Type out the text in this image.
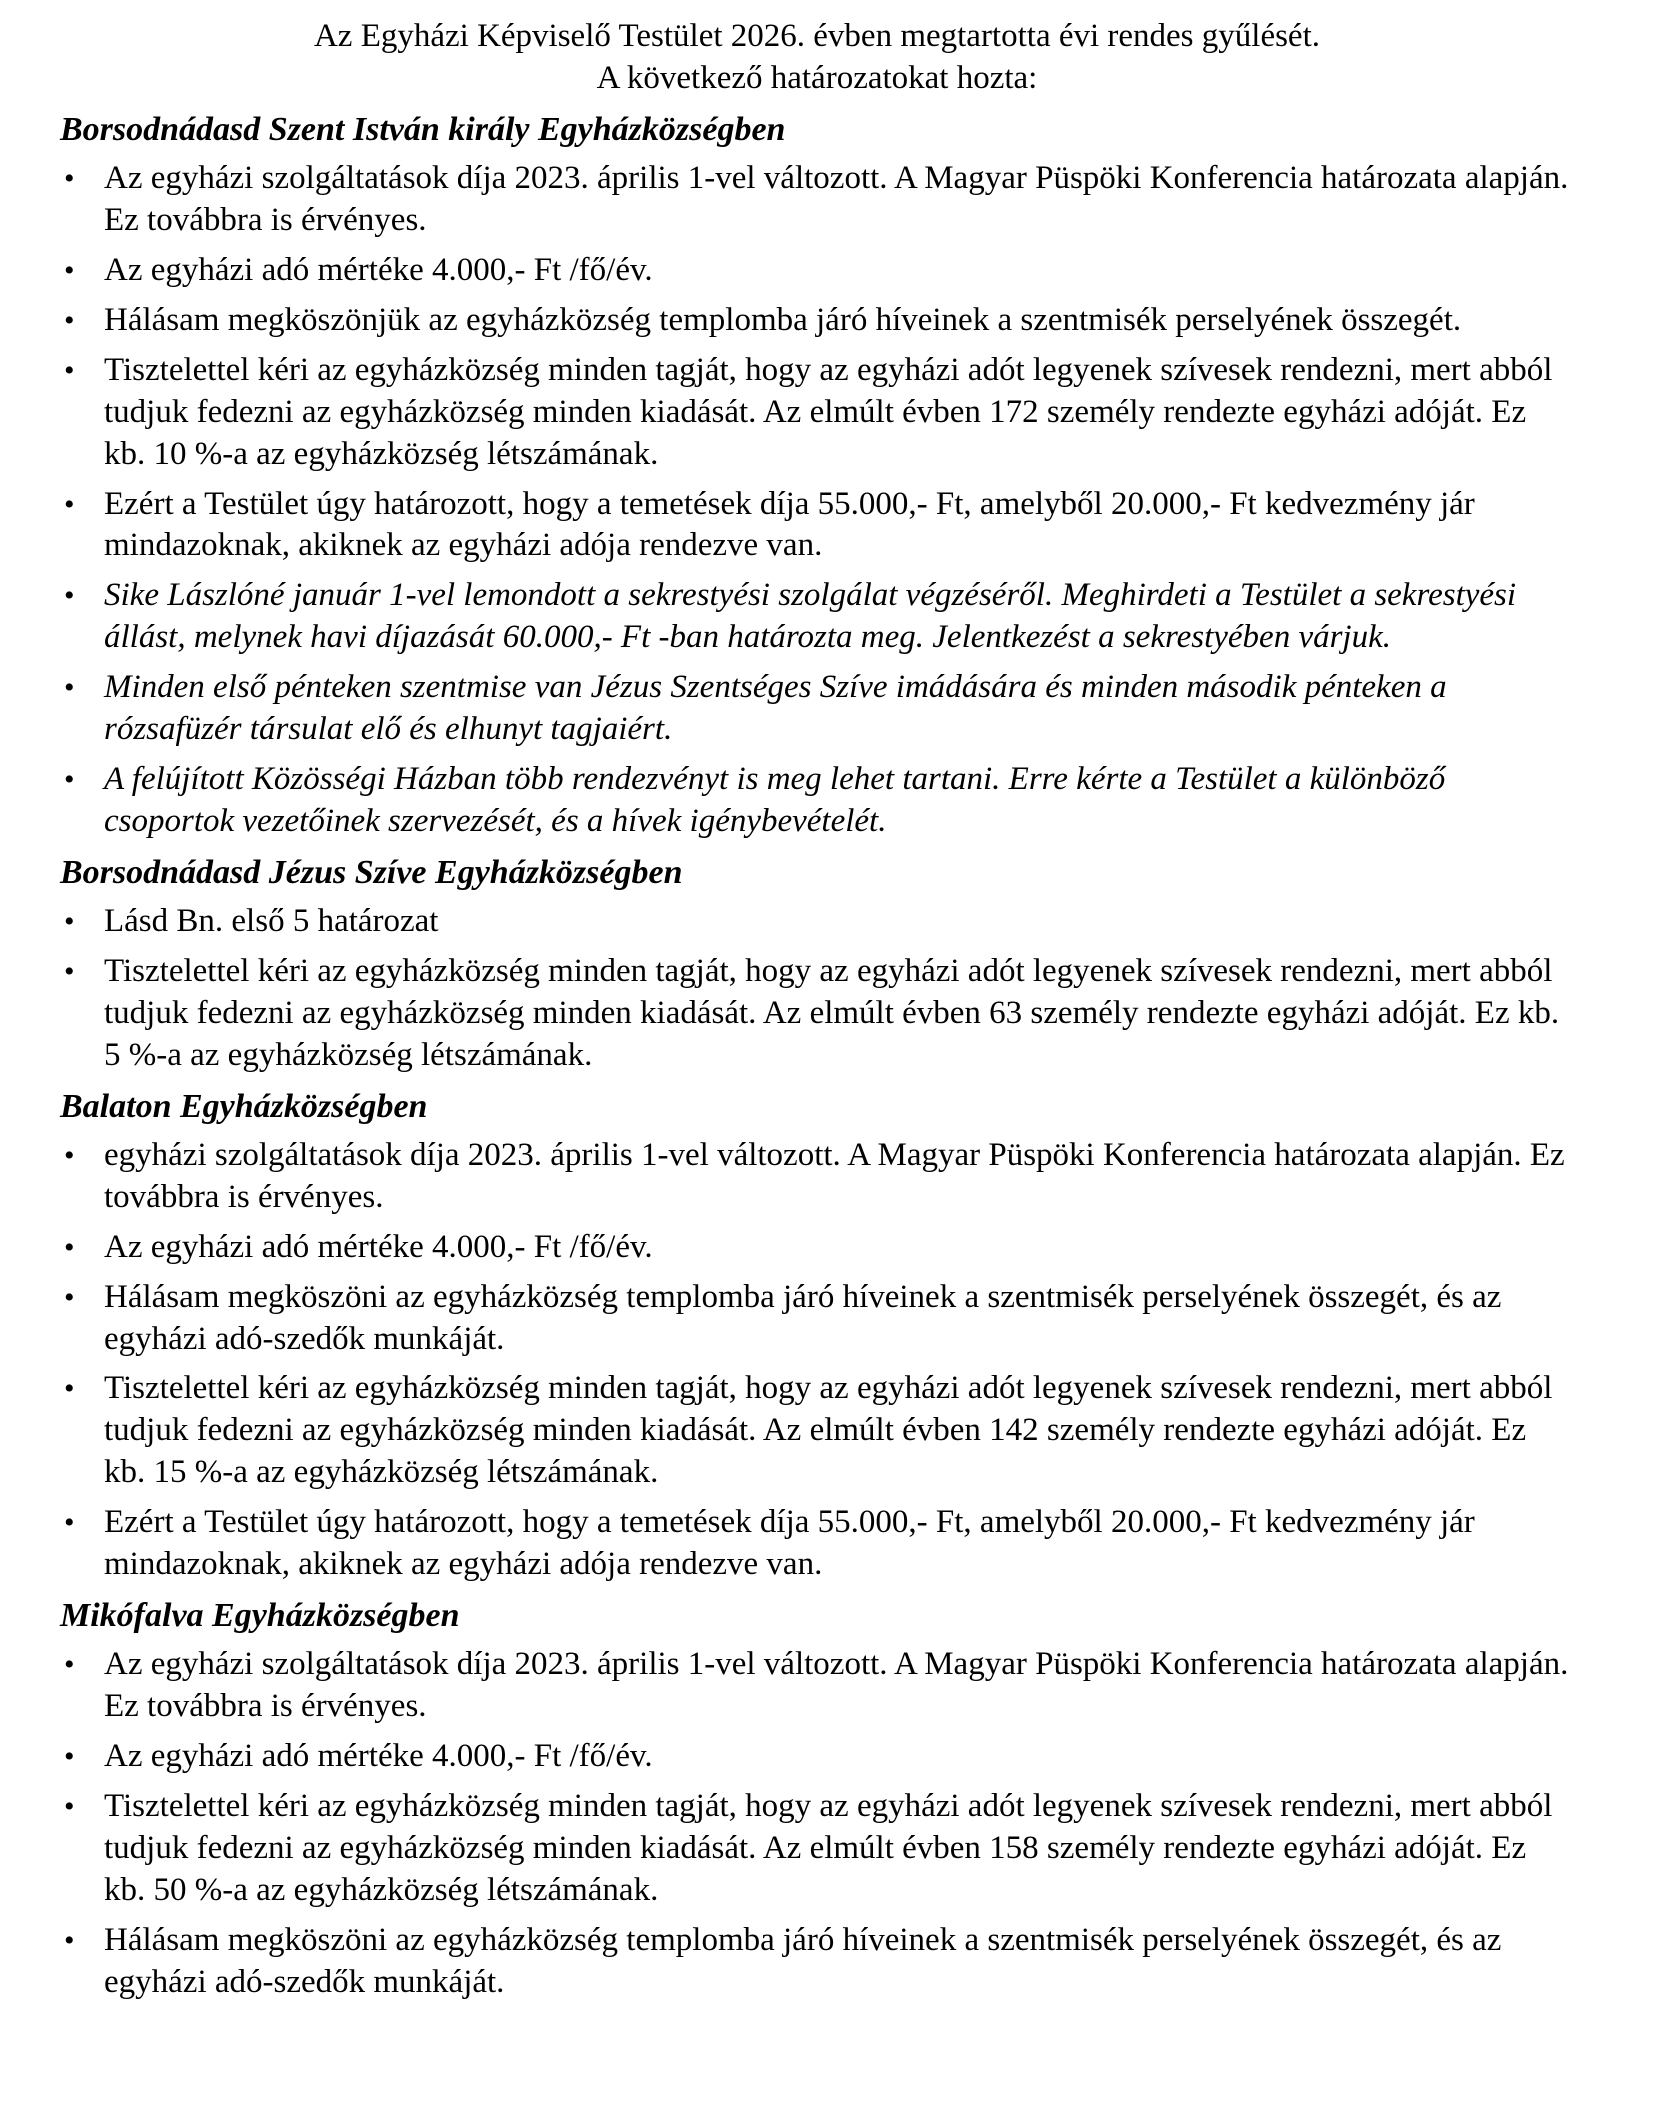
Az Egyházi Képviselő Testület 2026. évben megtartotta évi rendes gyűlését.
A következő határozatokat hozta:
Borsodnádasd Szent István király Egyházközségben
• Az egyházi szolgáltatások díja 2023. április 1-vel változott. A Magyar Püspöki Konferencia határozata alapján. Ez továbbra is érvényes.
• Az egyházi adó mértéke 4.000,- Ft /fő/év.
• Hálásam megköszönjük az egyházközség templomba járó híveinek a szentmisék perselyének összegét.
• Tisztelettel kéri az egyházközség minden tagját, hogy az egyházi adót legyenek szívesek rendezni, mert abból tudjuk fedezni az egyházközség minden kiadását. Az elmúlt évben 172 személy rendezte egyházi adóját. Ez kb. 10 %-a az egyházközség létszámának.
• Ezért a Testület úgy határozott, hogy a temetések díja 55.000,- Ft, amelyből 20.000,- Ft kedvezmény jár mindazoknak, akiknek az egyházi adója rendezve van.
• Sike Lászlóné január 1-vel lemondott a sekrestyési szolgálat végzéséről. Meghirdeti a Testület a sekrestyési állást, melynek havi díjazását 60.000,- Ft -ban határozta meg. Jelentkezést a sekrestyében várjuk.
• Minden első pénteken szentmise van Jézus Szentséges Szíve imádására és minden második pénteken a rózsafüzér társulat elő és elhunyt tagjaiért.
• A felújított Közösségi Házban több rendezvényt is meg lehet tartani. Erre kérte a Testület a különböző csoportok vezetőinek szervezését, és a hívek igénybevételét.
Borsodnádasd Jézus Szíve Egyházközségben
• Lásd Bn. első 5 határozat
• Tisztelettel kéri az egyházközség minden tagját, hogy az egyházi adót legyenek szívesek rendezni, mert abból tudjuk fedezni az egyházközség minden kiadását. Az elmúlt évben 63 személy rendezte egyházi adóját. Ez kb. 5 %-a az egyházközség létszámának.
Balaton Egyházközségben
• egyházi szolgáltatások díja 2023. április 1-vel változott. A Magyar Püspöki Konferencia határozata alapján. Ez továbbra is érvényes.
• Az egyházi adó mértéke 4.000,- Ft /fő/év.
• Hálásam megköszöni az egyházközség templomba járó híveinek a szentmisék perselyének összegét, és az egyházi adó-szedők munkáját.
• Tisztelettel kéri az egyházközség minden tagját, hogy az egyházi adót legyenek szívesek rendezni, mert abból tudjuk fedezni az egyházközség minden kiadását. Az elmúlt évben 142 személy rendezte egyházi adóját. Ez kb. 15 %-a az egyházközség létszámának.
• Ezért a Testület úgy határozott, hogy a temetések díja 55.000,- Ft, amelyből 20.000,- Ft kedvezmény jár mindazoknak, akiknek az egyházi adója rendezve van.
Mikófalva Egyházközségben
• Az egyházi szolgáltatások díja 2023. április 1-vel változott. A Magyar Püspöki Konferencia határozata alapján. Ez továbbra is érvényes.
• Az egyházi adó mértéke 4.000,- Ft /fő/év.
• Tisztelettel kéri az egyházközség minden tagját, hogy az egyházi adót legyenek szívesek rendezni, mert abból tudjuk fedezni az egyházközség minden kiadását. Az elmúlt évben 158 személy rendezte egyházi adóját. Ez kb. 50 %-a az egyházközség létszámának.
• Hálásam megköszöni az egyházközség templomba járó híveinek a szentmisék perselyének összegét, és az egyházi adó-szedők munkáját.
